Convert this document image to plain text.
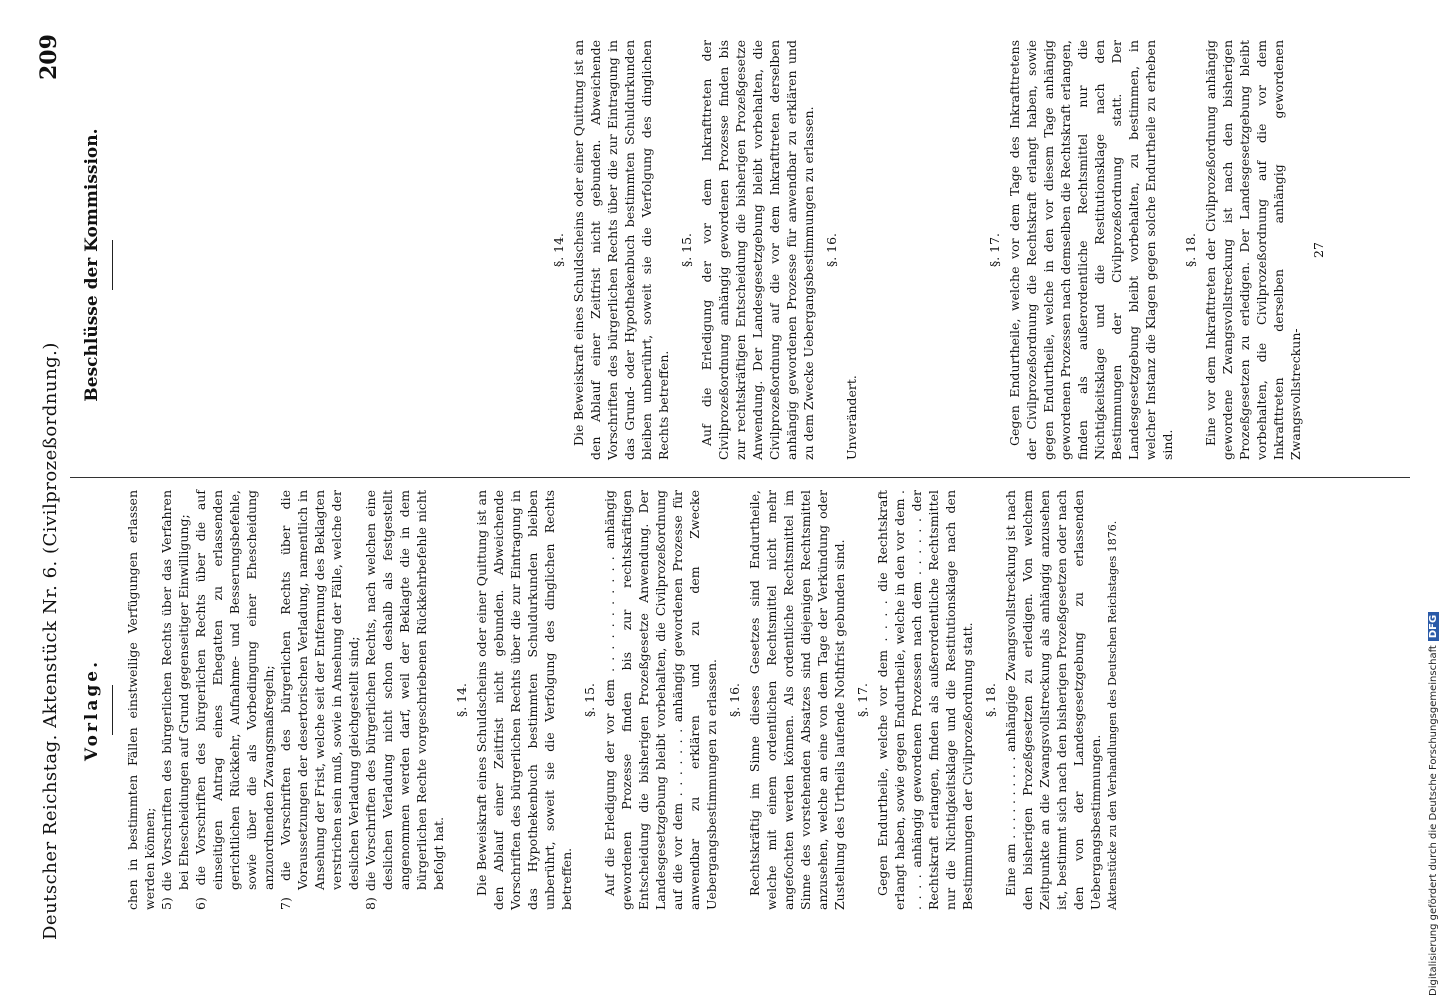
Deutscher Reichstag. Aktenstück Nr. 6. (Civilprozeßordnung.)
209
Vorlage. chen in bestimmten Fällen einstweilige Verfügungen erlassen werden können; 5) die Vorschriften des bürgerlichen Rechts über das Verfahren bei Ehescheidungen auf Grund gegenseitiger Einwilligung; 6) die Vorschriften des bürgerlichen Rechts über die auf einseitigen Antrag eines Ehegatten zu erlassenden gerichtlichen Rückkehr, Aufnahme- und Besserungsbefehle, sowie über die als Vorbedingung einer Ehescheidung anzuordnenden Zwangsmaßregeln; 7) die Vorschriften des bürgerlichen Rechts über die Voraussetzungen der desertorischen Verladung, namentlich in Ansehung der Frist, welche seit der Entfernung des Beklagten verstrichen sein muß, sowie in Ansehung der Fälle, welche der deslichen Verladung gleichgestellt sind; 8) die Vorschriften des bürgerlichen Rechts, nach welchen eine deslichen Verladung nicht schon deshalb als festgestellt angenommen werden darf, weil der Beklagte die in dem bürgerlichen Rechte vorgeschriebenen Rückkehrbefehle nicht befolgt hat.

§. 14. Die Beweiskraft eines Schuldscheins oder einer Quittung ist an den Ablauf einer Zeitfrist nicht gebunden. Abweichende Vorschriften des bürgerlichen Rechts über die zur Eintragung in das Hypothekenbuch bestimmten Schuldurkunden bleiben unberührt, soweit sie die Verfolgung des dinglichen Rechts betreffen.

§. 15. Auf die Erledigung der vor dem . . . . . . . . . . . anhängig gewordenen Prozesse finden bis zur rechtskräftigen Entscheidung die bisherigen Prozeßgesetze Anwendung. Der Landesgesetzgebung bleibt vorbehalten, die Civilprozeßordnung auf die vor dem . . . . . . . anhängig gewordenen Prozesse für anwendbar zu erklären und zu dem Zwecke Uebergangsbestimmungen zu erlassen. §. 16. Rechtskräftig im Sinne dieses Gesetzes sind Endurtheile, welche mit einem ordentlichen Rechtsmittel nicht mehr angefochten werden können. Als ordentliche Rechtsmittel im Sinne des vorstehenden Absatzes sind diejenigen Rechtsmittel anzusehen, welche an eine von dem Tage der Verkündung oder Zustellung des Urtheils laufende Nothfrist gebunden sind. §. 17. Gegen Endurtheile, welche vor dem . . . . die Rechtskraft erlangt haben, sowie gegen Endurtheile, welche in den vor dem . . . . . anhängig gewordenen Prozessen nach dem . . . . . . der Rechtskraft erlangen, finden als außerordentliche Rechtsmittel nur die Nichtigkeitsklage und die Restitutionsklage nach den Bestimmungen der Civilprozeßordnung statt. §. 18. Eine am . . . . . . . . . . anhängige Zwangsvollstreckung ist nach den bisherigen Prozeßgesetzen zu erledigen. Von welchem Zeitpunkte an die Zwangsvollstreckung als anhängig anzusehen ist, bestimmt sich nach den bisherigen Prozeßgesetzen oder nach den von der Landesgesetzgebung zu erlassenden Uebergangsbestimmungen. Aktenstücke zu den Verhandlungen des Deutschen Reichstages 1876.

Beschlüsse der Kommission.	§. 14. Die Beweiskraft eines Schuldscheins oder einer Quittung ist an den Ablauf einer Zeitfrist nicht gebunden. Abweichende Vorschriften des bürgerlichen Rechts über die zur Eintragung in das Grund- oder Hypothekenbuch bestimmten Schuldurkunden bleiben unberührt, soweit sie die Verfolgung des dinglichen Rechts betreffen.

§. 15. Auf die Erledigung der vor dem Inkrafttreten der Civilprozeßordnung anhängig gewordenen Prozesse finden bis zur rechtskräftigen Entscheidung die bisherigen Prozeßgesetze Anwendung. Der Landesgesetzgebung bleibt vorbehalten, die Civilprozeßordnung auf die vor dem Inkrafttreten derselben anhängig gewordenen Prozesse für anwendbar zu erklären und zu dem Zwecke Uebergangsbestimmungen zu erlassen. §. 16.

Unverändert.

§. 17. Gegen Endurtheile, welche vor dem Tage des Inkrafttretens der Civilprozeßordnung die Rechtskraft erlangt haben, sowie gegen Endurtheile, welche in den vor diesem Tage anhängig gewordenen Prozessen nach demselben die Rechtskraft erlangen, finden als außerordentliche Rechtsmittel nur die Nichtigkeitsklage und die Restitutionsklage nach den Bestimmungen der Civilprozeßordnung statt. Der Landesgesetzgebung bleibt vorbehalten, zu bestimmen, in welcher Instanz die Klagen gegen solche Endurtheile zu erheben sind.

§. 18. Eine vor dem Inkrafttreten der Civilprozeßordnung anhängig gewordene Zwangsvollstreckung ist nach den bisherigen Prozeßgesetzen zu erledigen. Der Landesgesetzgebung bleibt vorbehalten, die Civilprozeßordnung auf die vor dem Inkrafttreten derselben anhängig gewordenen Zwangsvollstreckun-

27

Digitalisierung gefördert durch die Deutsche ForschungsgemeinschaftDFG
